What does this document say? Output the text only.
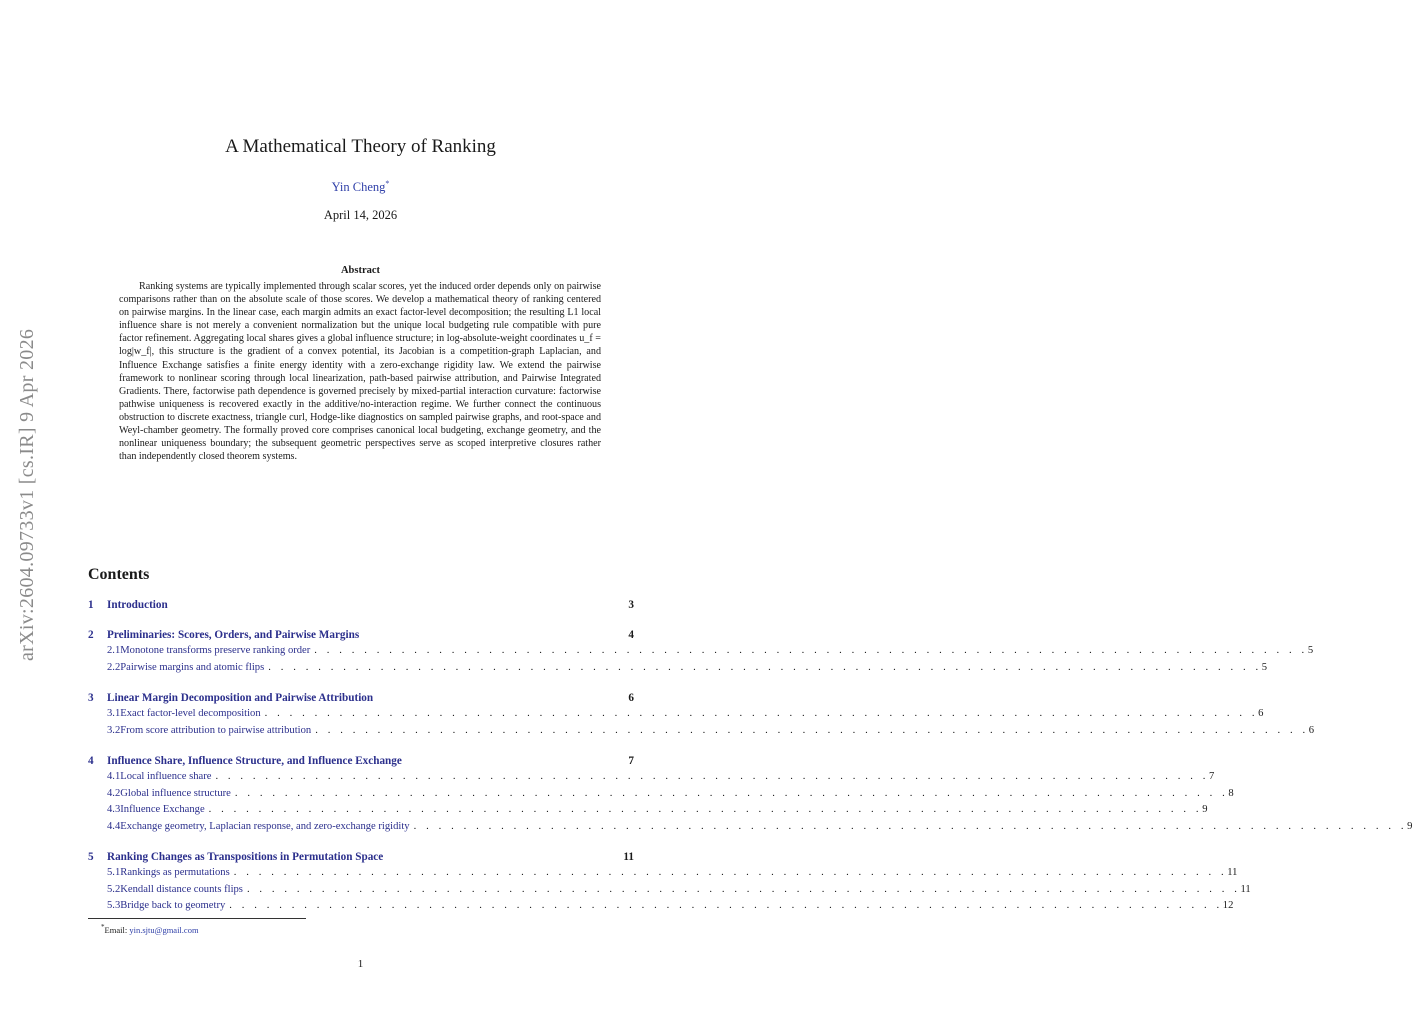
arXiv:2604.09733v1 [cs.IR] 9 Apr 2026
A Mathematical Theory of Ranking
Yin Cheng*
April 14, 2026
Abstract
Ranking systems are typically implemented through scalar scores, yet the induced order depends only on pairwise comparisons rather than on the absolute scale of those scores. We develop a mathematical theory of ranking centered on pairwise margins. In the linear case, each margin admits an exact factor-level decomposition; the resulting L1 local influence share is not merely a convenient normalization but the unique local budgeting rule compatible with pure factor refinement. Aggregating local shares gives a global influence structure; in log-absolute-weight coordinates u_f = log|w_f|, this structure is the gradient of a convex potential, its Jacobian is a competition-graph Laplacian, and Influence Exchange satisfies a finite energy identity with a zero-exchange rigidity law. We extend the pairwise framework to nonlinear scoring through local linearization, path-based pairwise attribution, and Pairwise Integrated Gradients. There, factorwise path dependence is governed precisely by mixed-partial interaction curvature: factorwise pathwise uniqueness is recovered exactly in the additive/no-interaction regime. We further connect the continuous obstruction to discrete exactness, triangle curl, Hodge-like diagnostics on sampled pairwise graphs, and root-space and Weyl-chamber geometry. The formally proved core comprises canonical local budgeting, exchange geometry, and the nonlinear uniqueness boundary; the subsequent geometric perspectives serve as scoped interpretive closures rather than independently closed theorem systems.
Contents
1	Introduction	3
2	Preliminaries: Scores, Orders, and Pairwise Margins	4
2.1 Monotone transforms preserve ranking order . . . . . . . . . . . . . . . . . . . . . . . . . . . . . . . . . . . . . . . . . . . . . . . . . . . . . . . . . . . . . . . . . . . . . . . . . . . . . . . . 5
2.2 Pairwise margins and atomic flips . . . . . . . . . . . . . . . . . . . . . . . . . . . . . . . . . . . . . . . . . . . . . . . . . . . . . . . . . . . . . . . . . . . . . . . . . . . . . . . . 5
3	Linear Margin Decomposition and Pairwise Attribution	6
3.1 Exact factor-level decomposition . . . . . . . . . . . . . . . . . . . . . . . . . . . . . . . . . . . . . . . . . . . . . . . . . . . . . . . . . . . . . . . . . . . . . . . . . . . . . . . . 6
3.2 From score attribution to pairwise attribution . . . . . . . . . . . . . . . . . . . . . . . . . . . . . . . . . . . . . . . . . . . . . . . . . . . . . . . . . . . . . . . . . . . . . . . . . . . . . . . . 6
4	Influence Share, Influence Structure, and Influence Exchange	7
4.1 Local influence share . . . . . . . . . . . . . . . . . . . . . . . . . . . . . . . . . . . . . . . . . . . . . . . . . . . . . . . . . . . . . . . . . . . . . . . . . . . . . . . . 7
4.2 Global influence structure . . . . . . . . . . . . . . . . . . . . . . . . . . . . . . . . . . . . . . . . . . . . . . . . . . . . . . . . . . . . . . . . . . . . . . . . . . . . . . . . 8
4.3 Influence Exchange . . . . . . . . . . . . . . . . . . . . . . . . . . . . . . . . . . . . . . . . . . . . . . . . . . . . . . . . . . . . . . . . . . . . . . . . . . . . . . . . 9
4.4 Exchange geometry, Laplacian response, and zero-exchange rigidity . . . . . . . . . . . . . . . . . . . . . . . . . . . . . . . . . . . . . . . . . . . . . . . . . . . . . . . . . . . . . . . . . . . . . . . . . . . . . . . . 9
5	Ranking Changes as Transpositions in Permutation Space	11
5.1 Rankings as permutations . . . . . . . . . . . . . . . . . . . . . . . . . . . . . . . . . . . . . . . . . . . . . . . . . . . . . . . . . . . . . . . . . . . . . . . . . . . . . . . . 11
5.2 Kendall distance counts flips . . . . . . . . . . . . . . . . . . . . . . . . . . . . . . . . . . . . . . . . . . . . . . . . . . . . . . . . . . . . . . . . . . . . . . . . . . . . . . . . 11
5.3 Bridge back to geometry . . . . . . . . . . . . . . . . . . . . . . . . . . . . . . . . . . . . . . . . . . . . . . . . . . . . . . . . . . . . . . . . . . . . . . . . . . . . . . . . 12
*Email: yin.sjtu@gmail.com
1
